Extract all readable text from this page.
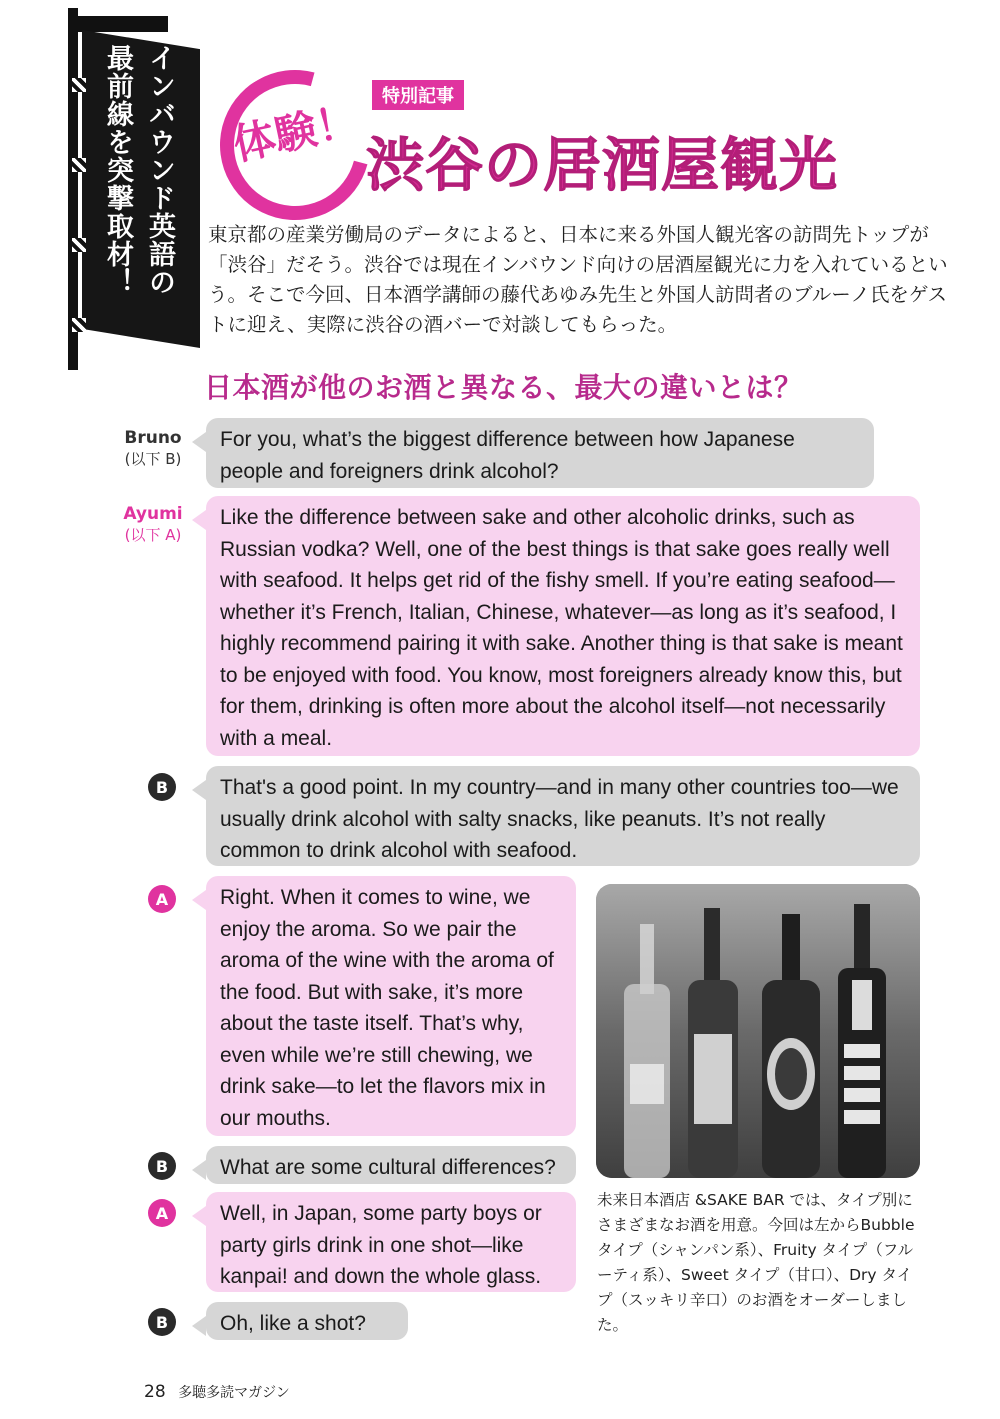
インバウンド英語の
最前線を突撃取材！ 体験！	特別記事
渋谷の居酒屋観光

東京都の産業労働局のデータによると、日本に来る外国人観光客の訪問先トップが「渋谷」だそう。渋谷では現在インバウンド向けの居酒屋観光に力を入れているという。そこで今回、日本酒学講師の藤代あゆみ先生と外国人訪問者のブルーノ氏をゲストに迎え、実際に渋谷の酒バーで対談してもらった。

日本酒が他のお酒と異なる、最大の違いとは？
Bruno
(以下 B)
Ayumi
(以下 A)
B
A
B
A
B
For you, what’s the biggest difference between how Japanese people and foreigners drink alcohol?
Like the difference between sake and other alcoholic drinks, such as Russian vodka? Well, one of the best things is that sake goes really well with seafood. It helps get rid of the fishy smell. If you’re eating seafood—whether it’s French, Italian, Chinese, whatever—as long as it’s seafood, I highly recommend pairing it with sake. Another thing is that sake is meant to be enjoyed with food. You know, most foreigners already know this, but for them, drinking is often more about the alcohol itself—not necessarily with a meal.
That's a good point. In my country—and in many other countries too—we usually drink alcohol with salty snacks, like peanuts. It’s not really common to drink alcohol with seafood.
Right. When it comes to wine, we enjoy the aroma. So we pair the aroma of the wine with the aroma of the food. But with sake, it’s more about the taste itself. That’s why, even while we’re still chewing, we drink sake—to let the flavors mix in our mouths.
What are some cultural differences?
Well, in Japan, some party boys or party girls drink in one shot—like kanpai! and down the whole glass.
Oh, like a shot?

未来日本酒店 &SAKE BAR では、タイプ別にさまざまなお酒を用意。今回は左からBubble タイプ（シャンパン系）、Fruity タイプ（フルーティ系）、Sweet タイプ（甘口）、Dry タイプ（スッキリ辛口）のお酒をオーダーしました。

28 多聴多読マガジン
